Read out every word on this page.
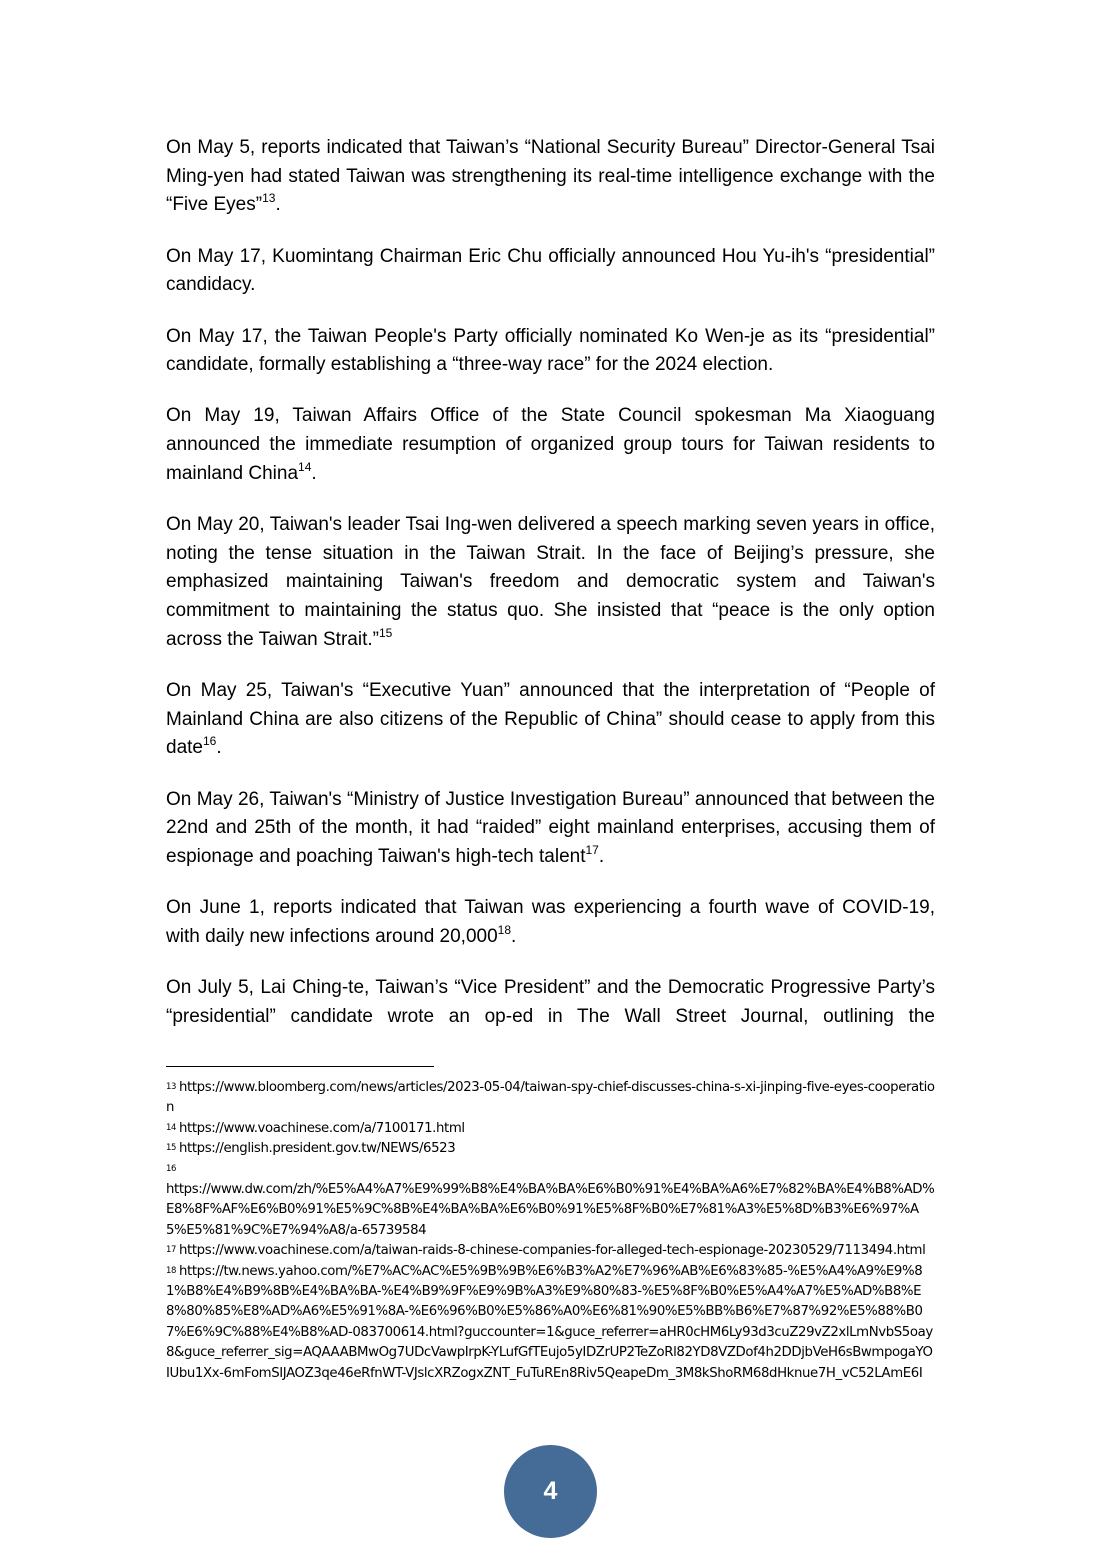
On May 5, reports indicated that Taiwan’s “National Security Bureau” Director-General Tsai Ming-yen had stated Taiwan was strengthening its real-time intelligence exchange with the “Five Eyes”$^{13}$.

On May 17, Kuomintang Chairman Eric Chu officially announced Hou Yu-ih's “presidential” candidacy.

On May 17, the Taiwan People's Party officially nominated Ko Wen-je as its “presidential” candidate, formally establishing a “three-way race” for the 2024 election.

On May 19, Taiwan Affairs Office of the State Council spokesman Ma Xiaoguang announced the immediate resumption of organized group tours for Taiwan residents to mainland China$^{14}$.

On May 20, Taiwan's leader Tsai Ing-wen delivered a speech marking seven years in office, noting the tense situation in the Taiwan Strait. In the face of Beijing’s pressure, she emphasized maintaining Taiwan's freedom and democratic system and Taiwan's commitment to maintaining the status quo. She insisted that “peace is the only option across the Taiwan Strait.”$^{15}$

On May 25, Taiwan's “Executive Yuan” announced that the interpretation of “People of Mainland China are also citizens of the Republic of China” should cease to apply from this date$^{16}$.

On May 26, Taiwan's “Ministry of Justice Investigation Bureau” announced that between the 22nd and 25th of the month, it had “raided” eight mainland enterprises, accusing them of espionage and poaching Taiwan's high-tech talent$^{17}$.

On June 1, reports indicated that Taiwan was experiencing a fourth wave of COVID-19, with daily new infections around 20,000$^{18}$.

On July 5, Lai Ching-te, Taiwan’s “Vice President” and the Democratic Progressive Party’s “presidential” candidate wrote an op-ed in The Wall Street Journal, outlining the

$^{13}$ https://www.bloomberg.com/news/articles/2023-05-04/taiwan-spy-chief-discusses-china-s-xi-jinping-five-eyes-cooperation
$^{14}$ https://www.voachinese.com/a/7100171.html
$^{15}$ https://english.president.gov.tw/NEWS/6523
$^{16}$
https://www.dw.com/zh/%E5%A4%A7%E9%99%B8%E4%BA%BA%E6%B0%91%E4%BA%A6%E7%82%BA%E4%B8%AD%E8%8F%AF%E6%B0%91%E5%9C%8B%E4%BA%BA%E6%B0%91%E5%8F%B0%E7%81%A3%E5%8D%B3%E6%97%A5%E5%81%9C%E7%94%A8/a-65739584
$^{17}$ https://www.voachinese.com/a/taiwan-raids-8-chinese-companies-for-alleged-tech-espionage-20230529/7113494.html
$^{18}$ https://tw.news.yahoo.com/%E7%AC%AC%E5%9B%9B%E6%B3%A2%E7%96%AB%E6%83%85-%E5%A4%A9%E9%81%B8%E4%B9%8B%E4%BA%BA-%E4%B9%9F%E9%9B%A3%E9%80%83-%E5%8F%B0%E5%A4%A7%E5%AD%B8%E8%80%85%E8%AD%A6%E5%91%8A-%E6%96%B0%E5%86%A0%E6%81%90%E5%BB%B6%E7%87%92%E5%88%B07%E6%9C%88%E4%B8%AD-083700614.html?guccounter=1&guce_referrer=aHR0cHM6Ly93d3cuZ29vZ2xlLmNvbS5oay8&guce_referrer_sig=AQAAABMwOg7UDcVawpIrpK-YLufGfTEujo5yIDZrUP2TeZoRl82YD8VZDof4h2DDjbVeH6sBwmpogaYOIUbu1Xx-6mFomSIJAOZ3qe46eRfnWT-VJslcXRZogxZNT_FuTuREn8Riv5QeapeDm_3M8kShoRM68dHknue7H_vC52LAmE6I
4
